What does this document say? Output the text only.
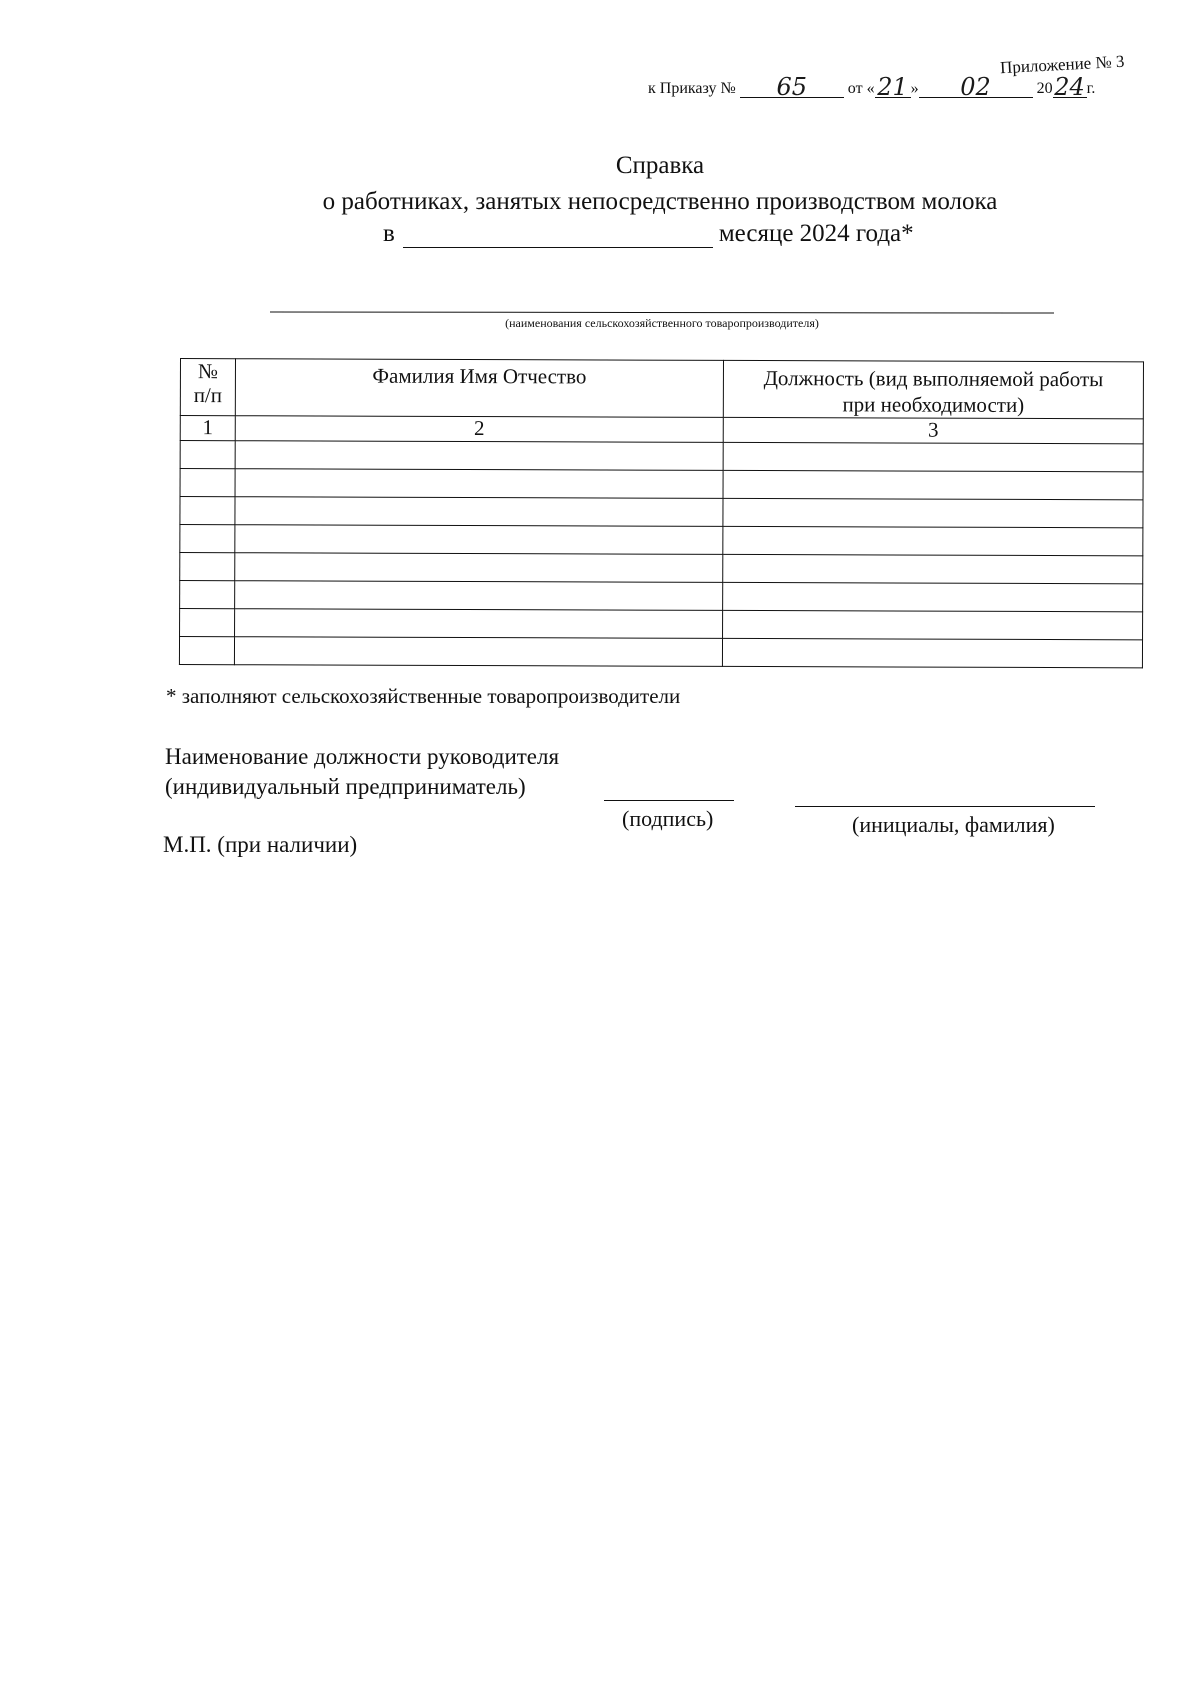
Приложение № 3
к Приказу № 65	от « 21 » 02	2024 г.
Справка
о работниках, занятых непосредственно производством молока
в	месяце 2024 года*
(наименования сельскохозяйственного товаропроизводителя)
№
п/п	Фамилия Имя Отчество	Должность (вид выполняемой работы
при необходимости)
1	2	3

* заполняют сельскохозяйственные товаропроизводители
Наименование должности руководителя
(индивидуальный предприниматель)
(подпись)	(инициалы, фамилия)
М.П. (при наличии)
